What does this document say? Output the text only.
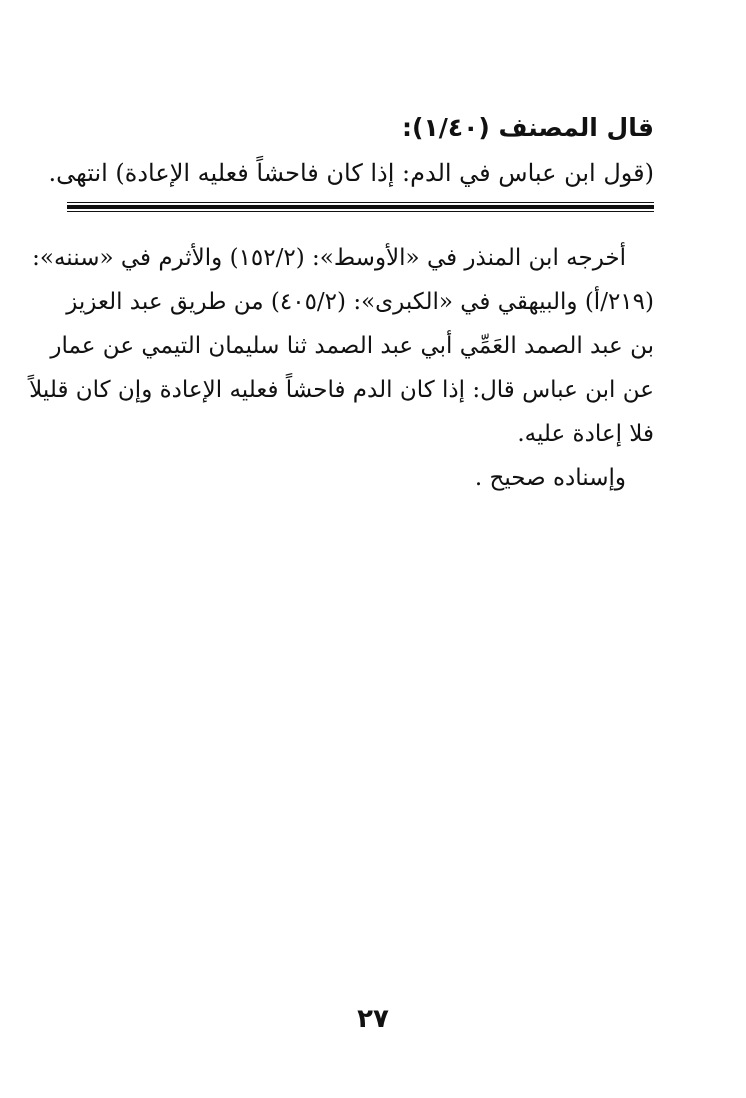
قال المصنف (١/٤٠):
(قول ابن عباس في الدم: إذا كان فاحشاً فعليه الإعادة) انتهى.
أخرجه ابن المنذر في «الأوسط»: (١٥٢/٢) والأثرم في «سننه»:
(٢١٩/أ) والبيهقي في «الكبرى»: (٤٠٥/٢) من طريق عبد العزيز
بن عبد الصمد العَمِّي أبي عبد الصمد ثنا سليمان التيمي عن عمار
عن ابن عباس قال: إذا كان الدم فاحشاً فعليه الإعادة وإن كان قليلاً
فلا إعادة عليه.
وإسناده صحيح .
٢٧
